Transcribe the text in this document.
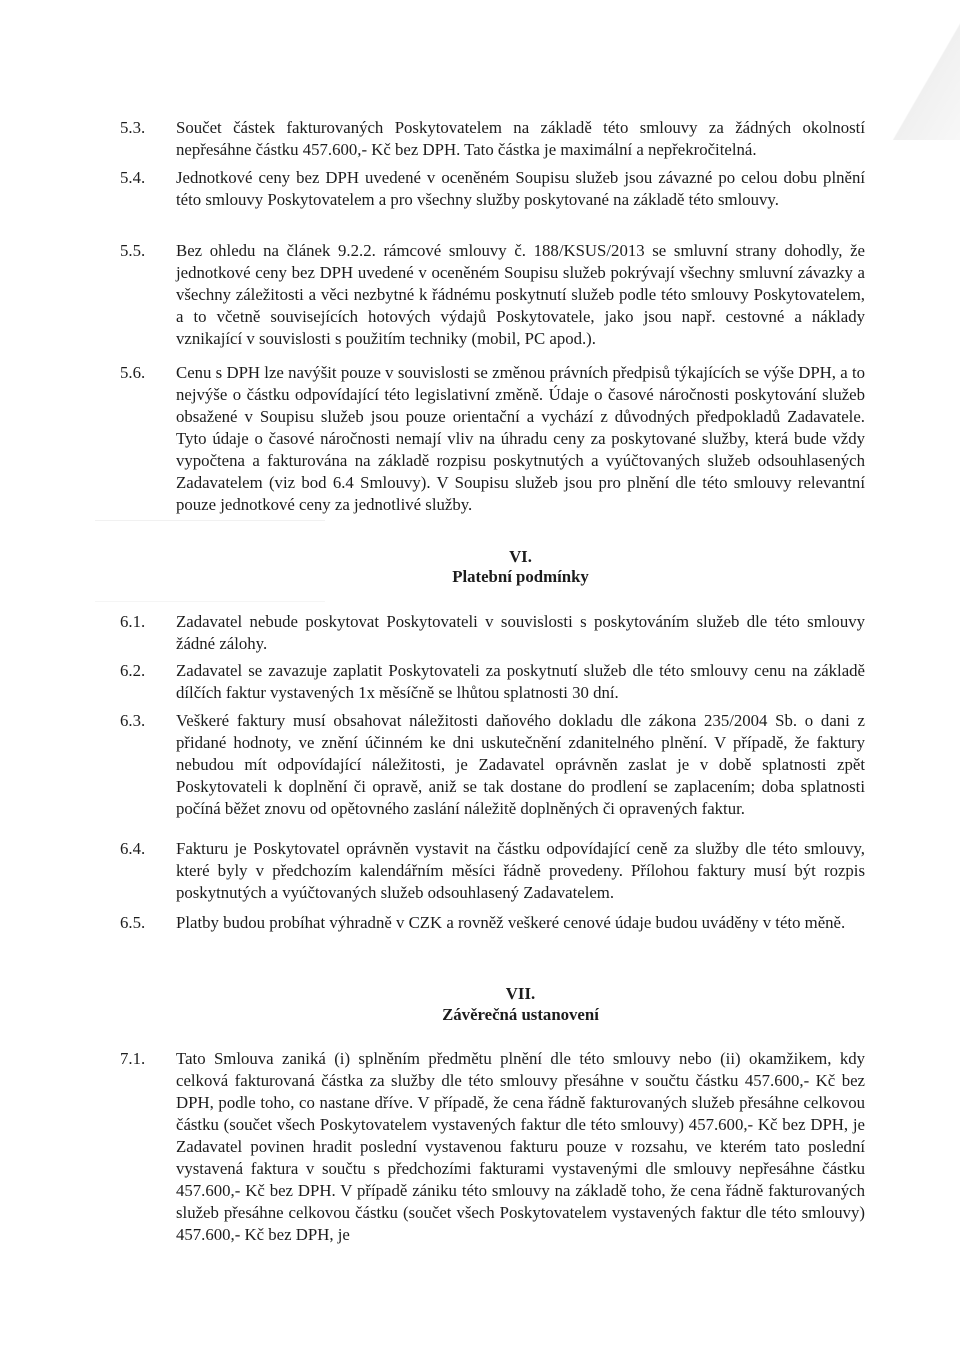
5.3.	Součet částek fakturovaných Poskytovatelem na základě této smlouvy za žádných okolností nepřesáhne částku 457.600,- Kč bez DPH. Tato částka je maximální a nepřekročitelná.
5.4.	Jednotkové ceny bez DPH uvedené v oceněném Soupisu služeb jsou závazné po celou dobu plnění této smlouvy Poskytovatelem a pro všechny služby poskytované na základě této smlouvy.
5.5.	Bez ohledu na článek 9.2.2. rámcové smlouvy č. 188/KSUS/2013 se smluvní strany dohodly, že jednotkové ceny bez DPH uvedené v oceněném Soupisu služeb pokrývají všechny smluvní závazky a všechny záležitosti a věci nezbytné k řádnému poskytnutí služeb podle této smlouvy Poskytovatelem, a to včetně souvisejících hotových výdajů Poskytovatele, jako jsou např. cestovné a náklady vznikající v souvislosti s použitím techniky (mobil, PC apod.).
5.6.	Cenu s DPH lze navýšit pouze v souvislosti se změnou právních předpisů týkajících se výše DPH, a to nejvýše o částku odpovídající této legislativní změně. Údaje o časové náročnosti poskytování služeb obsažené v Soupisu služeb jsou pouze orientační a vychází z důvodných předpokladů Zadavatele. Tyto údaje o časové náročnosti nemají vliv na úhradu ceny za poskytované služby, která bude vždy vypočtena a fakturována na základě rozpisu poskytnutých a vyúčtovaných služeb odsouhlasených Zadavatelem (viz bod 6.4 Smlouvy). V Soupisu služeb jsou pro plnění dle této smlouvy relevantní pouze jednotkové ceny za jednotlivé služby.
VI.
Platební podmínky
6.1.	Zadavatel nebude poskytovat Poskytovateli v souvislosti s poskytováním služeb dle této smlouvy žádné zálohy.
6.2.	Zadavatel se zavazuje zaplatit Poskytovateli za poskytnutí služeb dle této smlouvy cenu na základě dílčích faktur vystavených 1x měsíčně se lhůtou splatnosti 30 dní.
6.3.	Veškeré faktury musí obsahovat náležitosti daňového dokladu dle zákona 235/2004 Sb. o dani z přidané hodnoty, ve znění účinném ke dni uskutečnění zdanitelného plnění. V případě, že faktury nebudou mít odpovídající náležitosti, je Zadavatel oprávněn zaslat je v době splatnosti zpět Poskytovateli k doplnění či opravě, aniž se tak dostane do prodlení se zaplacením; doba splatnosti počíná běžet znovu od opětovného zaslání náležitě doplněných či opravených faktur.
6.4.	Fakturu je Poskytovatel oprávněn vystavit na částku odpovídající ceně za služby dle této smlouvy, které byly v předchozím kalendářním měsíci řádně provedeny. Přílohou faktury musí být rozpis poskytnutých a vyúčtovaných služeb odsouhlasený Zadavatelem.
6.5.	Platby budou probíhat výhradně v CZK a rovněž veškeré cenové údaje budou uváděny v této měně.
VII.
Závěrečná ustanovení
7.1.	Tato Smlouva zaniká (i) splněním předmětu plnění dle této smlouvy nebo (ii) okamžikem, kdy celková fakturovaná částka za služby dle této smlouvy přesáhne v součtu částku 457.600,- Kč bez DPH, podle toho, co nastane dříve. V případě, že cena řádně fakturovaných služeb přesáhne celkovou částku (součet všech Poskytovatelem vystavených faktur dle této smlouvy) 457.600,- Kč bez DPH, je Zadavatel povinen hradit poslední vystavenou fakturu pouze v rozsahu, ve kterém tato poslední vystavená faktura v součtu s předchozími fakturami vystavenými dle smlouvy nepřesáhne částku 457.600,- Kč bez DPH. V případě zániku této smlouvy na základě toho, že cena řádně fakturovaných služeb přesáhne celkovou částku (součet všech Poskytovatelem vystavených faktur dle této smlouvy) 457.600,- Kč bez DPH, je
